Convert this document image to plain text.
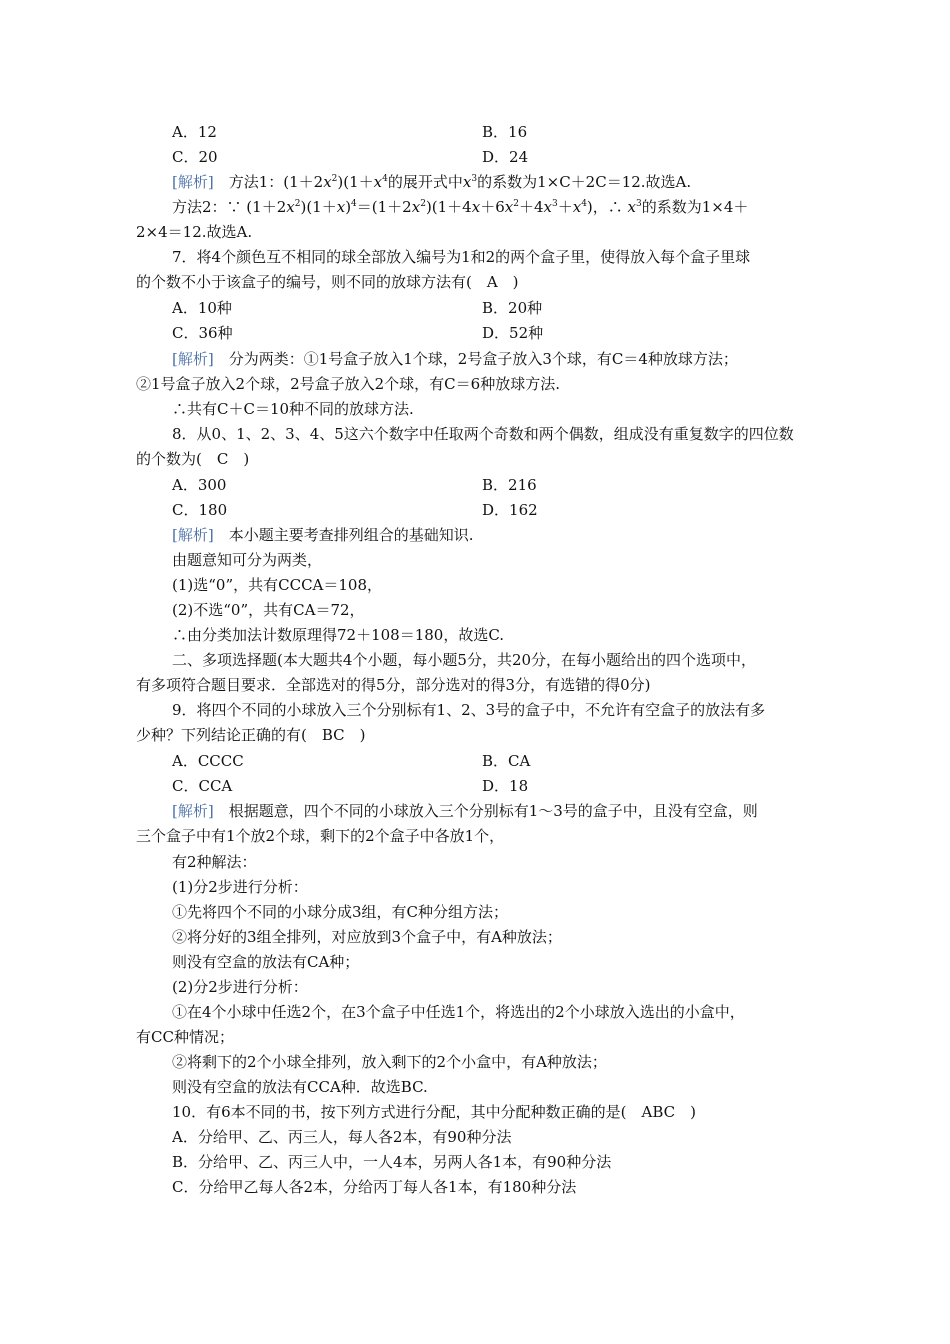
A．12	B．16
C．20	D．24
[解析]　方法1：$(1+2x^2)(1+x^4$的展开式中$x^3$的系数为1×C＋2C＝12.故选A.
方法2：∵ $(1+2x^2)(1+x)^4=(1+2x^2)(1+4x+6x^2+4x^3+x^4)$，∴ $x^3$的系数为1×4＋
2×4＝12.故选A.
7．将4个颜色互不相同的球全部放入编号为1和2的两个盒子里，使得放入每个盒子里球
的个数不小于该盒子的编号，则不同的放球方法有(　A　)
A．10种	B．20种
C．36种	D．52种
[解析]　分为两类：①1号盒子放入1个球，2号盒子放入3个球，有C＝4种放球方法；
②1号盒子放入2个球，2号盒子放入2个球，有C＝6种放球方法.
∴共有C＋C＝10种不同的放球方法.
8．从0、1、2、3、4、5这六个数字中任取两个奇数和两个偶数，组成没有重复数字的四位数
的个数为(　C　)
A．300	B．216
C．180	D．162
[解析]　本小题主要考查排列组合的基础知识.
由题意知可分为两类，
(1)选“0”，共有CCCA＝108，
(2)不选“0”，共有CA＝72，
∴由分类加法计数原理得72＋108＝180，故选C.
二、多项选择题(本大题共4个小题，每小题5分，共20分，在每小题给出的四个选项中，
有多项符合题目要求．全部选对的得5分，部分选对的得3分，有选错的得0分)
9．将四个不同的小球放入三个分别标有1、2、3号的盒子中，不允许有空盒子的放法有多
少种？下列结论正确的有(　BC　)
A．CCCC	B．CA
C．CCA	D．18
[解析]　根据题意，四个不同的小球放入三个分别标有1～3号的盒子中，且没有空盒，则
三个盒子中有1个放2个球，剩下的2个盒子中各放1个，
有2种解法：
(1)分2步进行分析：
①先将四个不同的小球分成3组，有C种分组方法；
②将分好的3组全排列，对应放到3个盒子中，有A种放法；
则没有空盒的放法有CA种；
(2)分2步进行分析：
①在4个小球中任选2个，在3个盒子中任选1个，将选出的2个小球放入选出的小盒中，
有CC种情况；
②将剩下的2个小球全排列，放入剩下的2个小盒中，有A种放法；
则没有空盒的放法有CCA种．故选BC.
10．有6本不同的书，按下列方式进行分配，其中分配种数正确的是(　ABC　)
A．分给甲、乙、丙三人，每人各2本，有90种分法
B．分给甲、乙、丙三人中，一人4本，另两人各1本，有90种分法
C．分给甲乙每人各2本，分给丙丁每人各1本，有180种分法
